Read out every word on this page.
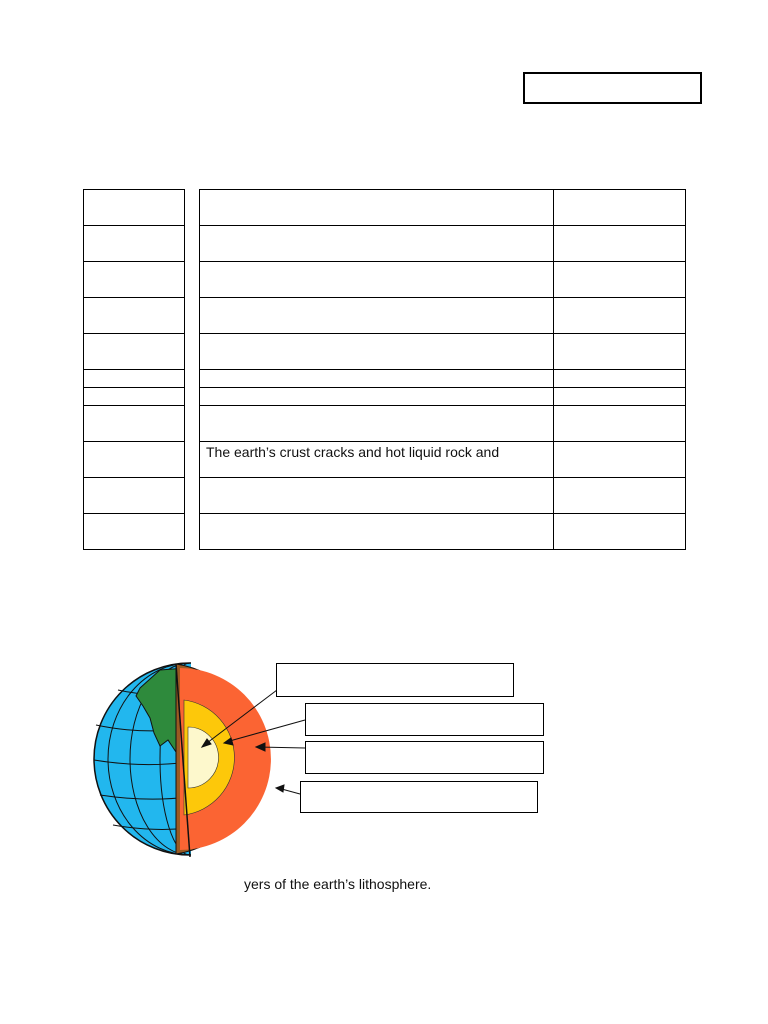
The earth’s crust cracks and hot liquid rock and
yers of the earth’s lithosphere.
